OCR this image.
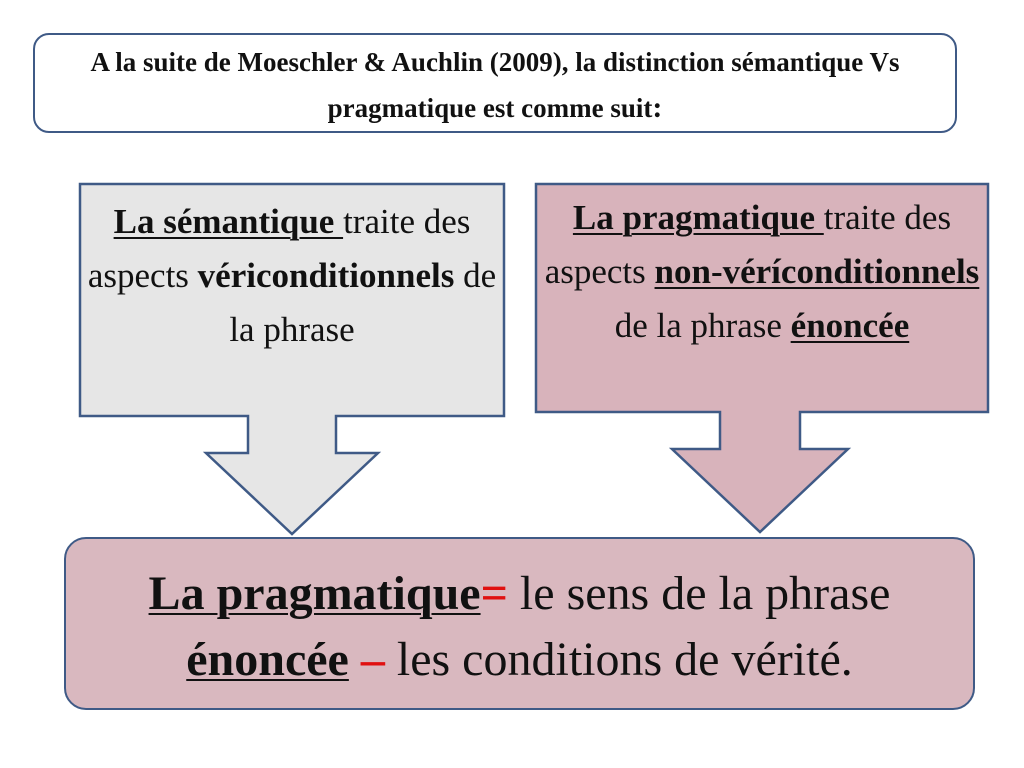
A la suite de Moeschler & Auchlin (2009), la distinction sémantique Vs pragmatique est comme suit:
La sémantique traite des aspects vériconditionnels de la phrase
La pragmatique traite des aspects non-véríconditionnels de la phrase énoncée
La pragmatique= le sens de la phrase énoncée – les conditions de vérité.
